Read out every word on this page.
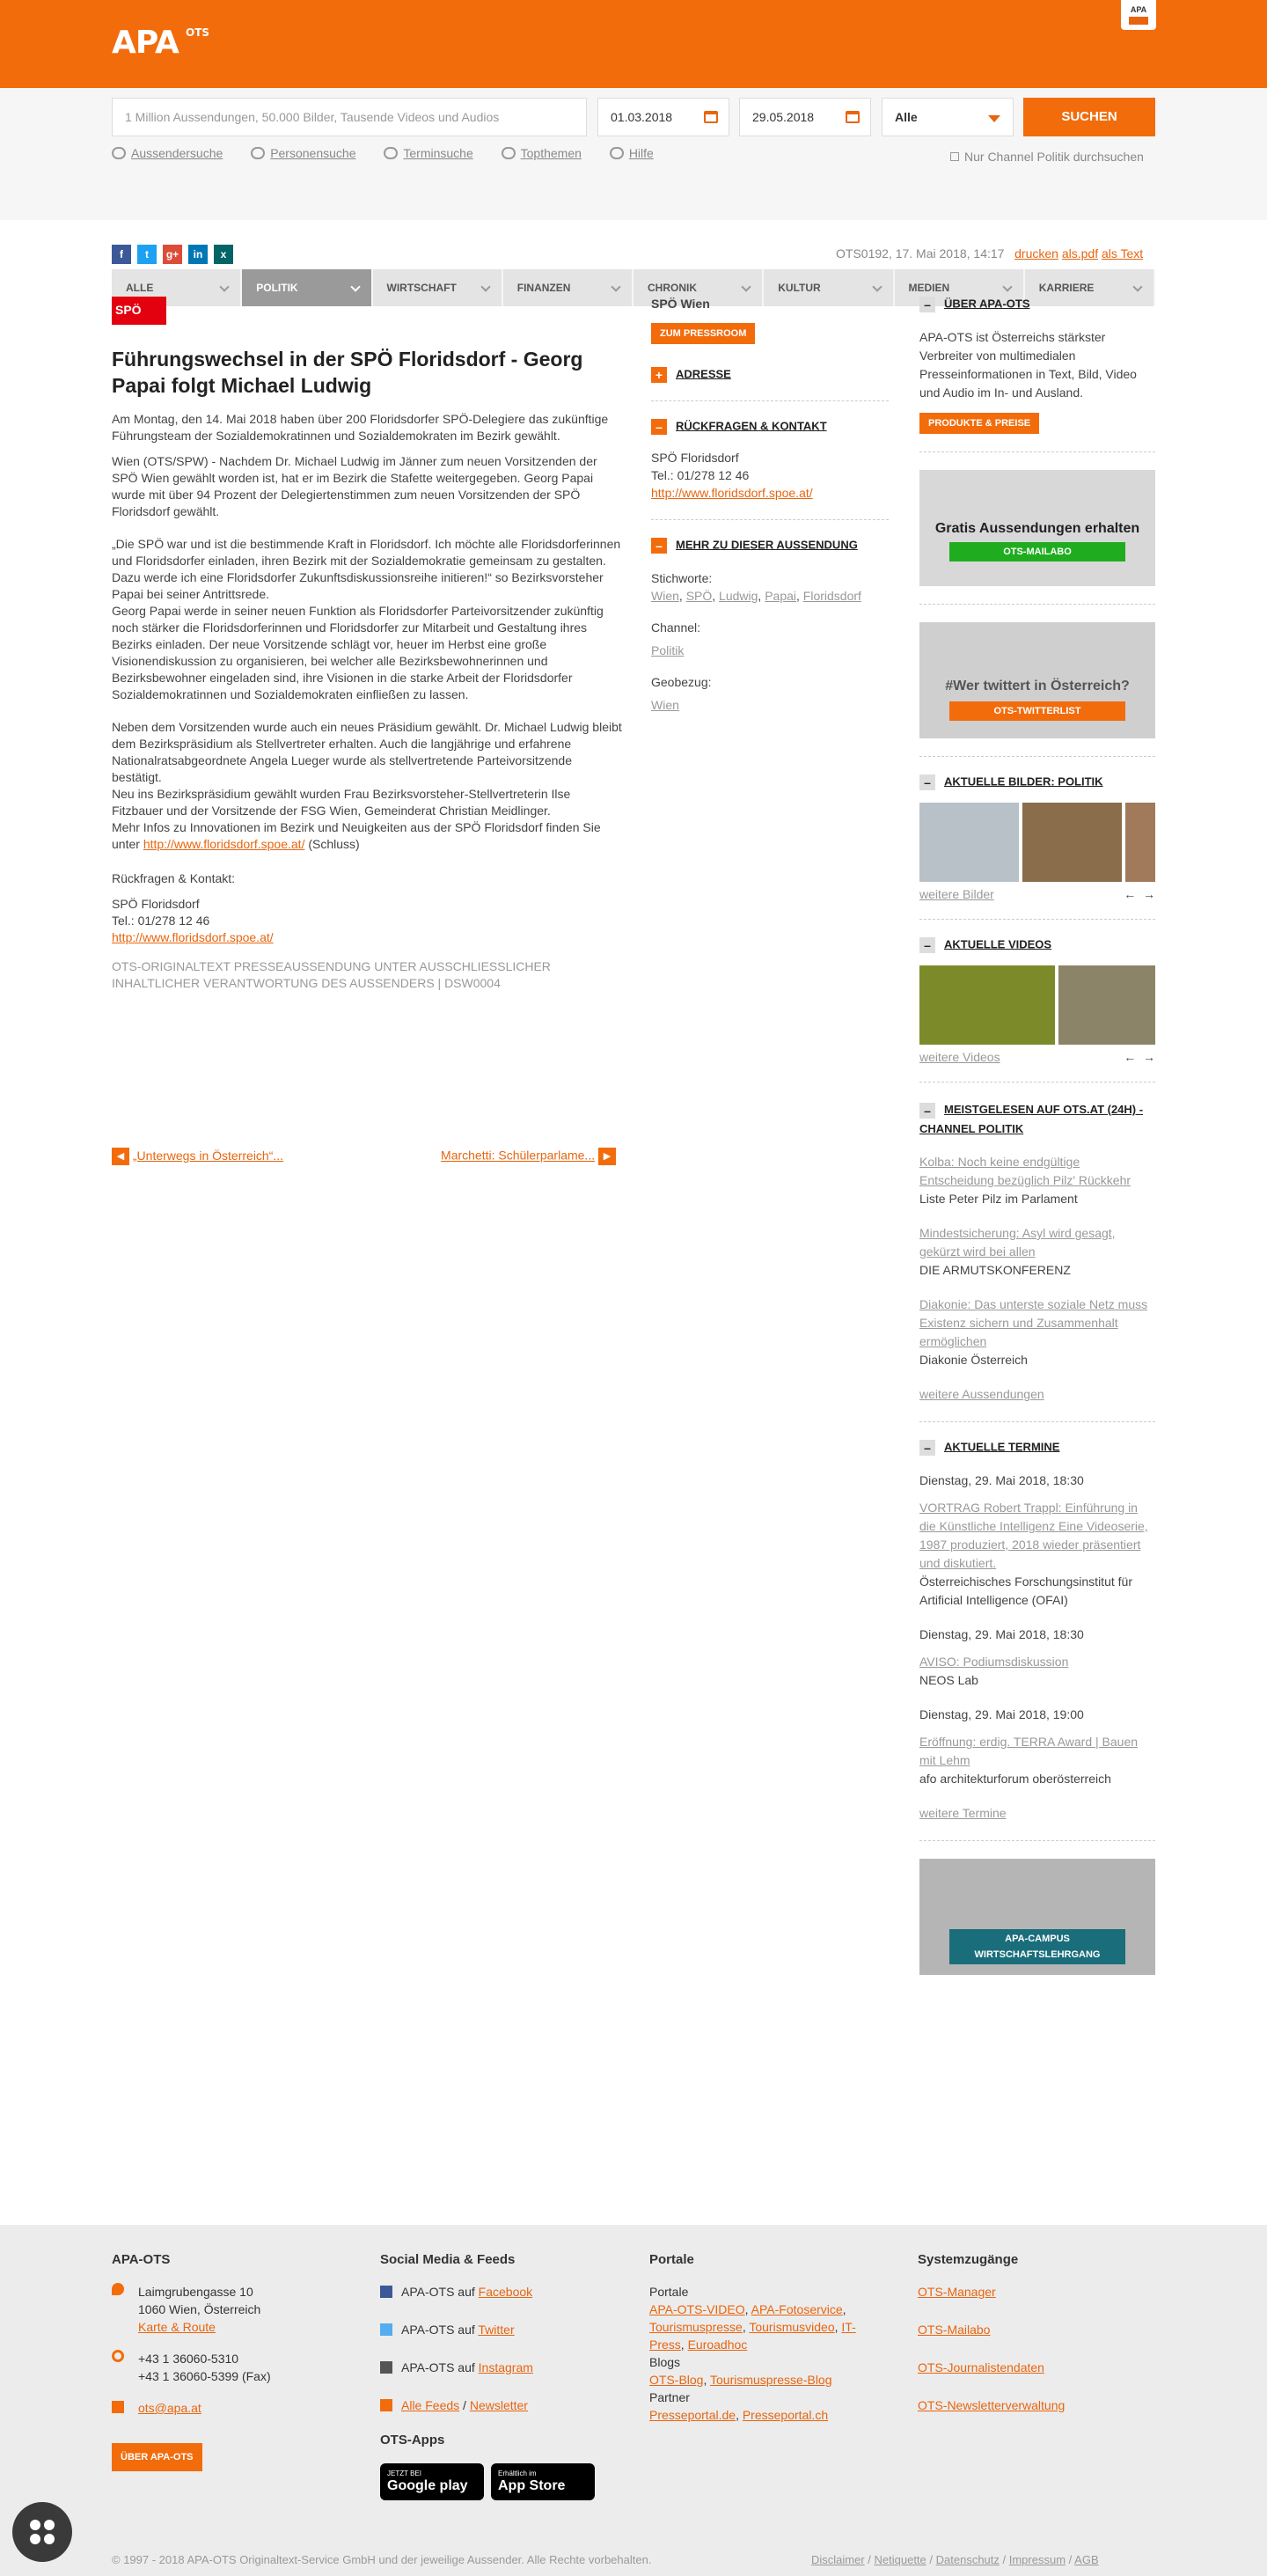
APA OTS
APA
1 Million Aussendungen, 50.000 Bilder, Tausende Videos und Audios	01.03.2018	29.05.2018	Alle	SUCHEN
Aussendersuche	Personensuche	Terminsuche	Topthemen	Hilfe	Nur Channel Politik durchsuchen
ALLE	POLITIK	WIRTSCHAFT	FINANZEN	CHRONIK	KULTUR	MEDIEN	KARRIERE
f	t	g+	in	x	OTS0192, 17. Mai 2018, 14:17 drucken als.pdf als Text
SPÖ
Führungswechsel in der SPÖ Floridsdorf - Georg Papai folgt Michael Ludwig

Am Montag, den 14. Mai 2018 haben über 200 Floridsdorfer SPÖ-Delegiere das zukünftige Führungsteam der Sozialdemokratinnen und Sozialdemokraten im Bezirk gewählt.

Wien (OTS/SPW) - Nachdem Dr. Michael Ludwig im Jänner zum neuen Vorsitzenden der SPÖ Wien gewählt worden ist, hat er im Bezirk die Stafette weitergegeben. Georg Papai wurde mit über 94 Prozent der Delegiertenstimmen zum neuen Vorsitzenden der SPÖ Floridsdorf gewählt.

„Die SPÖ war und ist die bestimmende Kraft in Floridsdorf. Ich möchte alle Floridsdorferinnen und Floridsdorfer einladen, ihren Bezirk mit der Sozialdemokratie gemeinsam zu gestalten. Dazu werde ich eine Floridsdorfer Zukunftsdiskussionsreihe initieren!“ so Bezirksvorsteher Papai bei seiner Antrittsrede.

Georg Papai werde in seiner neuen Funktion als Floridsdorfer Parteivorsitzender zukünftig noch stärker die Floridsdorferinnen und Floridsdorfer zur Mitarbeit und Gestaltung ihres Bezirks einladen. Der neue Vorsitzende schlägt vor, heuer im Herbst eine große Visionendiskussion zu organisieren, bei welcher alle Bezirksbewohnerinnen und Bezirksbewohner eingeladen sind, ihre Visionen in die starke Arbeit der Floridsdorfer Sozialdemokratinnen und Sozialdemokraten einfließen zu lassen.

Neben dem Vorsitzenden wurde auch ein neues Präsidium gewählt. Dr. Michael Ludwig bleibt dem Bezirkspräsidium als Stellvertreter erhalten. Auch die langjährige und erfahrene Nationalratsabgeordnete Angela Lueger wurde als stellvertretende Parteivorsitzende bestätigt.

Neu ins Bezirkspräsidium gewählt wurden Frau Bezirksvorsteher-Stellvertreterin Ilse Fitzbauer und der Vorsitzende der FSG Wien, Gemeinderat Christian Meidlinger.

Mehr Infos zu Innovationen im Bezirk und Neuigkeiten aus der SPÖ Floridsdorf finden Sie unter http://www.floridsdorf.spoe.at/ (Schluss)

Rückfragen & Kontakt:

SPÖ Floridsdorf

Tel.: 01/278 12 46

http://www.floridsdorf.spoe.at/

OTS-ORIGINALTEXT PRESSEAUSSENDUNG UNTER AUSSCHLIESSLICHER INHALTLICHER VERANTWORTUNG DES AUSSENDERS | DSW0004

◀ „Unterwegs in Österreich“...	Marchetti: Schülerparlame... ▶
SPÖ Wien
ZUM PRESSROOM
+ ADRESSE
– RÜCKFRAGEN & KONTAKT
SPÖ Floridsdorf
Tel.: 01/278 12 46
http://www.floridsdorf.spoe.at/
– MEHR ZU DIESER AUSSENDUNG
Stichworte:
Wien, SPÖ, Ludwig, Papai, Floridsdorf
Channel:
Politik
Geobezug:
Wien
– ÜBER APA-OTS

APA-OTS ist Österreichs stärkster Verbreiter von multimedialen Presseinformationen in Text, Bild, Video und Audio im In- und Ausland.

PRODUKTE & PREISE
Gratis Aussendungen erhalten
OTS-MAILABO
#Wer twittert in Österreich?
OTS-TWITTERLIST
– AKTUELLE BILDER: POLITIK
weitere Bilder	←  →
– AKTUELLE VIDEOS
weitere Videos	←  →
– MEISTGELESEN AUF OTS.AT (24H) - CHANNEL POLITIK
Kolba: Noch keine endgültige Entscheidung bezüglich Pilz' Rückkehr
Liste Peter Pilz im Parlament
Mindestsicherung: Asyl wird gesagt, gekürzt wird bei allen
DIE ARMUTSKONFERENZ
Diakonie: Das unterste soziale Netz muss Existenz sichern und Zusammenhalt ermöglichen
Diakonie Österreich
weitere Aussendungen
– AKTUELLE TERMINE
Dienstag, 29. Mai 2018, 18:30
VORTRAG Robert Trappl: Einführung in die Künstliche Intelligenz Eine Videoserie, 1987 produziert, 2018 wieder präsentiert und diskutiert.
Österreichisches Forschungsinstitut für Artificial Intelligence (OFAI)
Dienstag, 29. Mai 2018, 18:30
AVISO: Podiumsdiskussion
NEOS Lab
Dienstag, 29. Mai 2018, 19:00
Eröffnung: erdig. TERRA Award | Bauen mit Lehm
afo architekturforum oberösterreich
weitere Termine
APA-CAMPUS WIRTSCHAFTSLEHRGANG
APA-OTS
Laimgrubengasse 10
1060 Wien, Österreich
Karte & Route
+43 1 36060-5310
+43 1 36060-5399 (Fax)
ots@apa.at
ÜBER APA-OTS
Social Media & Feeds
APA-OTS auf Facebook
APA-OTS auf Twitter
APA-OTS auf Instagram
Alle Feeds / Newsletter
OTS-Apps
JETZT BEI
Google play
Erhältlich im
App Store
Portale
Portale
APA-OTS-VIDEO, APA-Fotoservice, Tourismuspresse, Tourismusvideo, IT-Press, Euroadhoc
Blogs
OTS-Blog, Tourismuspresse-Blog
Partner
Presseportal.de, Presseportal.ch
Systemzugänge
OTS-Manager
OTS-Mailabo
OTS-Journalistendaten
OTS-Newsletterverwaltung
© 1997 - 2018 APA-OTS Originaltext-Service GmbH und der jeweilige Aussender. Alle Rechte vorbehalten.	Disclaimer / Netiquette / Datenschutz / Impressum / AGB
